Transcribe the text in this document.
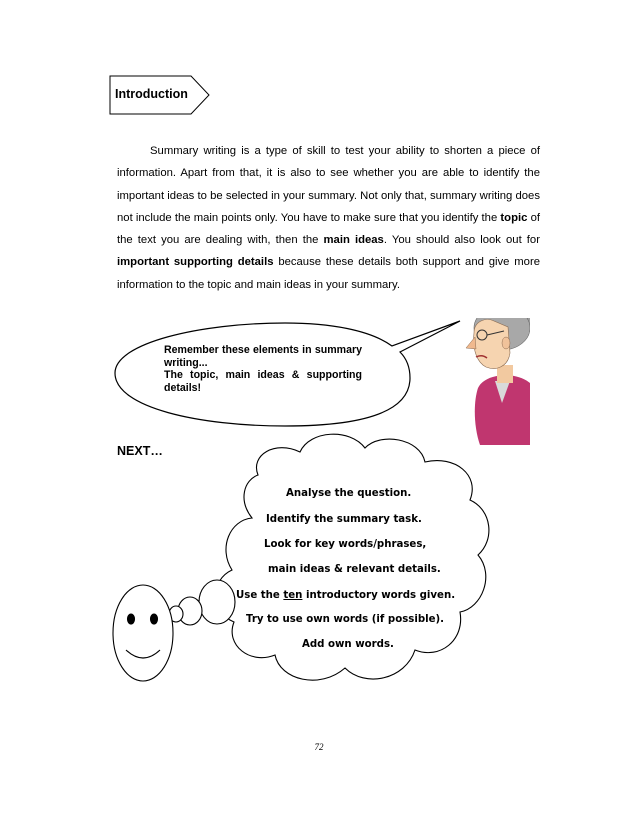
Introduction

Summary writing is a type of skill to test your ability to shorten a piece of information. Apart from that, it is also to see whether you are able to identify the important ideas to be selected in your summary. Not only that, summary writing does not include the main points only. You have to make sure that you identify the topic of the text you are dealing with, then the main ideas. You should also look out for important supporting details because these details both support and give more information to the topic and main ideas in your summary.

Remember these elements in summary writing...
The topic, main ideas & supporting details!
NEXT…
Analyse the question.
Identify the summary task.
Look for key words/phrases,
main ideas & relevant details.
Use the ten introductory words given.
Try to use own words (if possible).
Add own words.
72
